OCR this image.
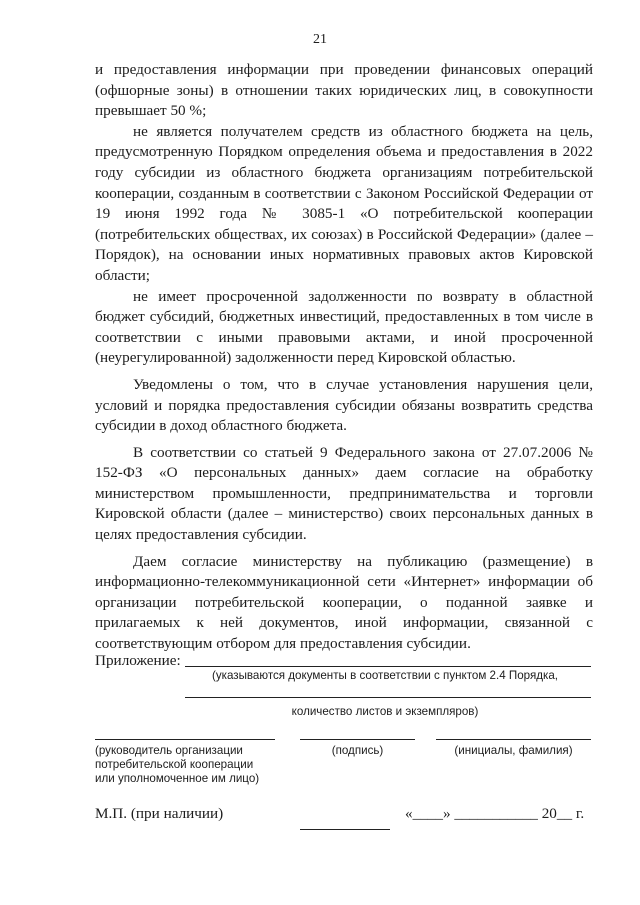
21

и предоставления информации при проведении финансовых операций (офшорные зоны) в отношении таких юридических лиц, в совокупности превышает 50 %;

не является получателем средств из областного бюджета на цель, предусмотренную Порядком определения объема и предоставления в 2022 году субсидии из областного бюджета организациям потребительской кооперации, созданным в соответствии с Законом Российской Федерации от 19 июня 1992 года № 3085-1 «О потребительской кооперации (потребительских обществах, их союзах) в Российской Федерации» (далее – Порядок), на основании иных нормативных правовых актов Кировской области;

не имеет просроченной задолженности по возврату в областной бюджет субсидий, бюджетных инвестиций, предоставленных в том числе в соответствии с иными правовыми актами, и иной просроченной (неурегулированной) задолженности перед Кировской областью.

Уведомлены о том, что в случае установления нарушения цели, условий и порядка предоставления субсидии обязаны возвратить средства субсидии в доход областного бюджета.

В соответствии со статьей 9 Федерального закона от 27.07.2006 № 152-ФЗ «О персональных данных» даем согласие на обработку министерством промышленности, предпринимательства и торговли Кировской области (далее – министерство) своих персональных данных в целях предоставления субсидии.

Даем согласие министерству на публикацию (размещение) в информационно-телекоммуникационной сети «Интернет» информации об организации потребительской кооперации, о поданной заявке и прилагаемых к ней документов, иной информации, связанной с соответствующим отбором для предоставления субсидии.

Приложение:
(указываются документы в соответствии с пунктом 2.4 Порядка,
количество листов и экземпляров)
(руководитель организации
потребительской кооперации
или уполномоченное им лицо)
(подпись)	(инициалы, фамилия)
М.П. (при наличии)	«____» ___________ 20__ г.
